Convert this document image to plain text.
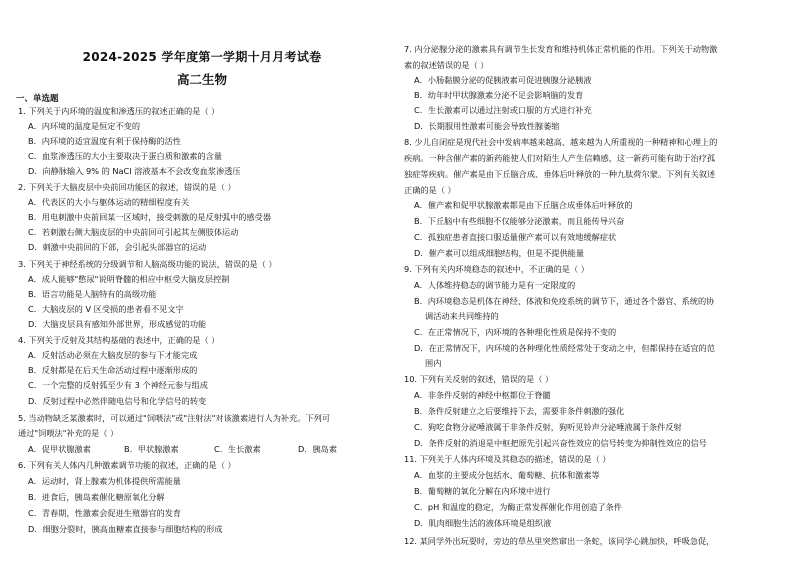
2024-2025 学年度第一学期十月月考试卷
高二生物
一、单选题
1. 下列关于内环境的温度和渗透压的叙述正确的是（ ）
A．内环境的温度是恒定不变的
B．内环境的适宜温度有利于保持酶的活性
C．血浆渗透压的大小主要取决于蛋白质和激素的含量
D．向静脉输入 9% 的 NaCl 溶液基本不会改变血浆渗透压
2. 下列关于大脑皮层中央前回功能区的叙述，错误的是（ ）
A．代表区的大小与躯体运动的精细程度有关
B．用电刺激中央前回某一区域时，接受刺激的是反射弧中的感受器
C．若刺激右侧大脑皮层的中央前回可引起其左侧肢体运动
D．刺激中央前回的下部，会引起头部器官的运动
3. 下列关于神经系统的分级调节和人脑高级功能的说法，错误的是（ ）
A．成人能够"憋尿"说明脊髓的相应中枢受大脑皮层控制
B．语言功能是人脑特有的高级功能
C．大脑皮层的 V 区受损的患者看不见文字
D．大脑皮层具有感知外部世界，形成感觉的功能
4. 下列关于反射及其结构基础的表述中，正确的是（ ）
A．反射活动必须在大脑皮层的参与下才能完成
B．反射都是在后天生命活动过程中逐渐形成的
C．一个完整的反射弧至少有 3 个神经元参与组成
D．反射过程中必然伴随电信号和化学信号的转变
5. 当动物缺乏某激素时，可以通过"饲喂法"或"注射法"对该激素进行人为补充。下列可
通过"饲喂法"补充的是（ ）
A．促甲状腺激素	B．甲状腺激素	C．生长激素	D．胰岛素
6. 下列有关人体内几种激素调节功能的叙述，正确的是（ ）
A．运动时，肾上腺素为机体提供所需能量
B．进食后，胰岛素催化糖原氧化分解
C．青春期，性激素会促进生殖器官的发育
D．细胞分裂时，胰高血糖素直接参与细胞结构的形成
7. 内分泌腺分泌的激素具有调节生长发育和维持机体正常机能的作用。下列关于动物激
素的叙述错误的是（ ）
A．小肠黏膜分泌的促胰液素可促进胰腺分泌胰液
B．幼年时甲状腺激素分泌不足会影响脑的发育
C．生长激素可以通过注射或口服的方式进行补充
D．长期服用性激素可能会导致性腺萎缩
8. 少儿自闭症是现代社会中发病率越来越高、越来越为人所重视的一种精神和心理上的
疾病。一种含催产素的新药能使人们对陌生人产生信赖感，这一新药可能有助于治疗孤
独症等疾病。催产素是由下丘脑合成、垂体后叶释放的一种九肽荷尔蒙。下列有关叙述
正确的是（ ）
A．催产素和促甲状腺激素都是由下丘脑合成垂体后叶释放的
B．下丘脑中有些细胞不仅能够分泌激素，而且能传导兴奋
C．孤独症患者直接口服适量催产素可以有效地缓解症状
D．催产素可以组成细胞结构，但是不提供能量
9. 下列有关内环境稳态的叙述中，不正确的是（ ）
A．人体维持稳态的调节能力是有一定限度的
B．内环境稳态是机体在神经、体液和免疫系统的调节下，通过各个器官、系统的协
调活动来共同维持的
C．在正常情况下，内环境的各种理化性质是保持不变的
D．在正常情况下，内环境的各种理化性质经常处于变动之中，但都保持在适宜的范
围内
10. 下列有关反射的叙述，错误的是（ ）
A．非条件反射的神经中枢都位于脊髓
B．条件反射建立之后要维持下去，需要非条件刺激的强化
C．狗吃食物分泌唾液属于非条件反射，狗听见铃声分泌唾液属于条件反射
D．条件反射的消退是中枢把原先引起兴奋性效应的信号转变为抑制性效应的信号
11. 下列关于人体内环境及其稳态的描述，错误的是（ ）
A．血浆的主要成分包括水、葡萄糖、抗体和激素等
B．葡萄糖的氧化分解在内环境中进行
C．pH 和温度的稳定，为酶正常发挥催化作用创造了条件
D．肌肉细胞生活的液体环境是组织液
12. 某同学外出玩耍时，旁边的草丛里突然窜出一条蛇，该同学心跳加快，呼吸急促，
